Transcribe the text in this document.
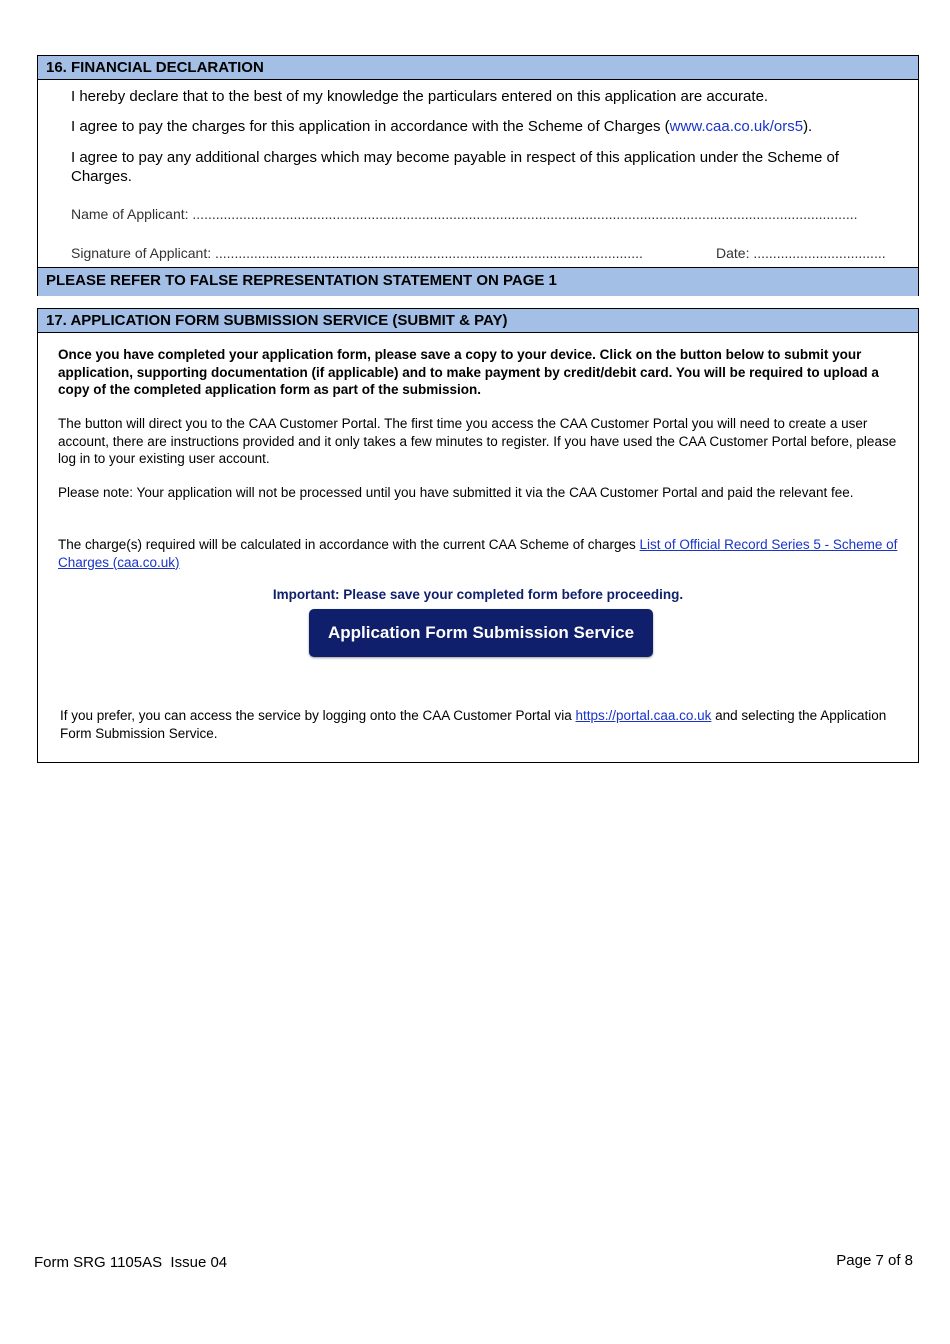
16. FINANCIAL DECLARATION
I hereby declare that to the best of my knowledge the particulars entered on this application are accurate.
I agree to pay the charges for this application in accordance with the Scheme of Charges (www.caa.co.uk/ors5).
I agree to pay any additional charges which may become payable in respect of this application under the Scheme of Charges.
Name of Applicant: ...........................................................................................................................................................................
Signature of Applicant: ..............................................................................................................	Date: ..................................
PLEASE REFER TO FALSE REPRESENTATION STATEMENT ON PAGE 1
17. APPLICATION FORM SUBMISSION SERVICE (SUBMIT & PAY)
Once you have completed your application form, please save a copy to your device. Click on the button below to submit your application, supporting documentation (if applicable) and to make payment by credit/debit card. You will be required to upload a copy of the completed application form as part of the submission.
The button will direct you to the CAA Customer Portal. The first time you access the CAA Customer Portal you will need to create a user account, there are instructions provided and it only takes a few minutes to register. If you have used the CAA Customer Portal before, please log in to your existing user account.
Please note: Your application will not be processed until you have submitted it via the CAA Customer Portal and paid the relevant fee.
The charge(s) required will be calculated in accordance with the current CAA Scheme of charges List of Official Record Series 5 - Scheme of Charges (caa.co.uk)
Important: Please save your completed form before proceeding.
Application Form Submission Service
If you prefer, you can access the service by logging onto the CAA Customer Portal via https://portal.caa.co.uk and selecting the Application Form Submission Service.
Form SRG 1105AS  Issue 04	Page 7 of 8
